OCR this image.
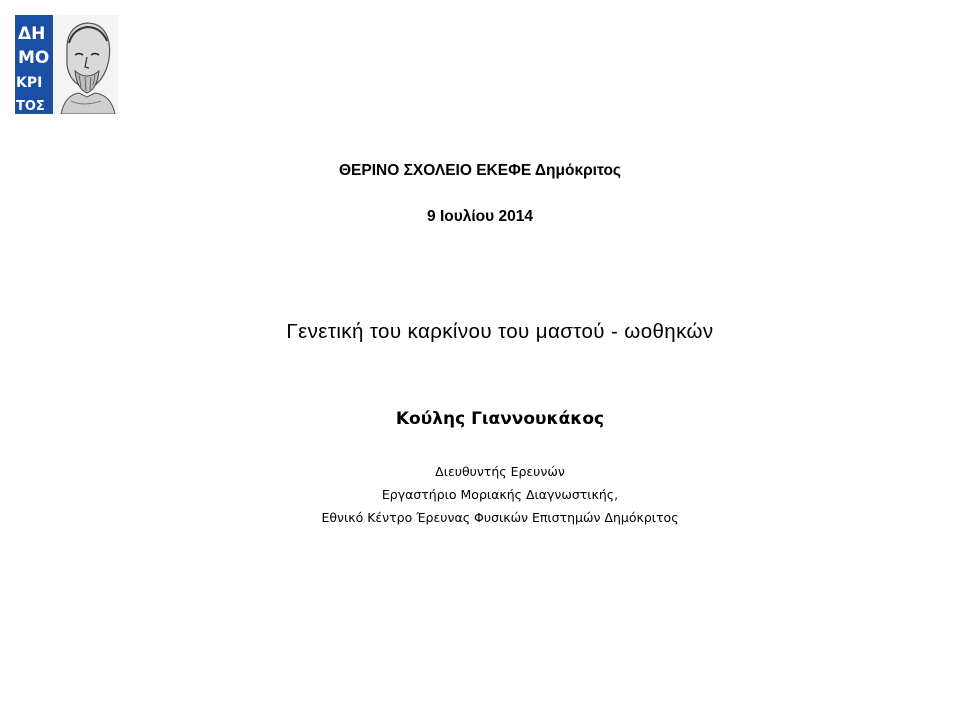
ΔΗ
ΜΟ
ΚΡΙ
ΤΟΣ
ΘΕΡΙΝΟ ΣΧΟΛΕΙΟ ΕΚΕΦΕ Δημόκριτος
9 Ιουλίου 2014
Γενετική του καρκίνου του μαστού - ωοθηκών
Κούλης Γιαννουκάκος
Διευθυντής Ερευνών
Εργαστήριο Μοριακής Διαγνωστικής,
Εθνικό Κέντρο Έρευνας Φυσικών Επιστημών Δημόκριτος
